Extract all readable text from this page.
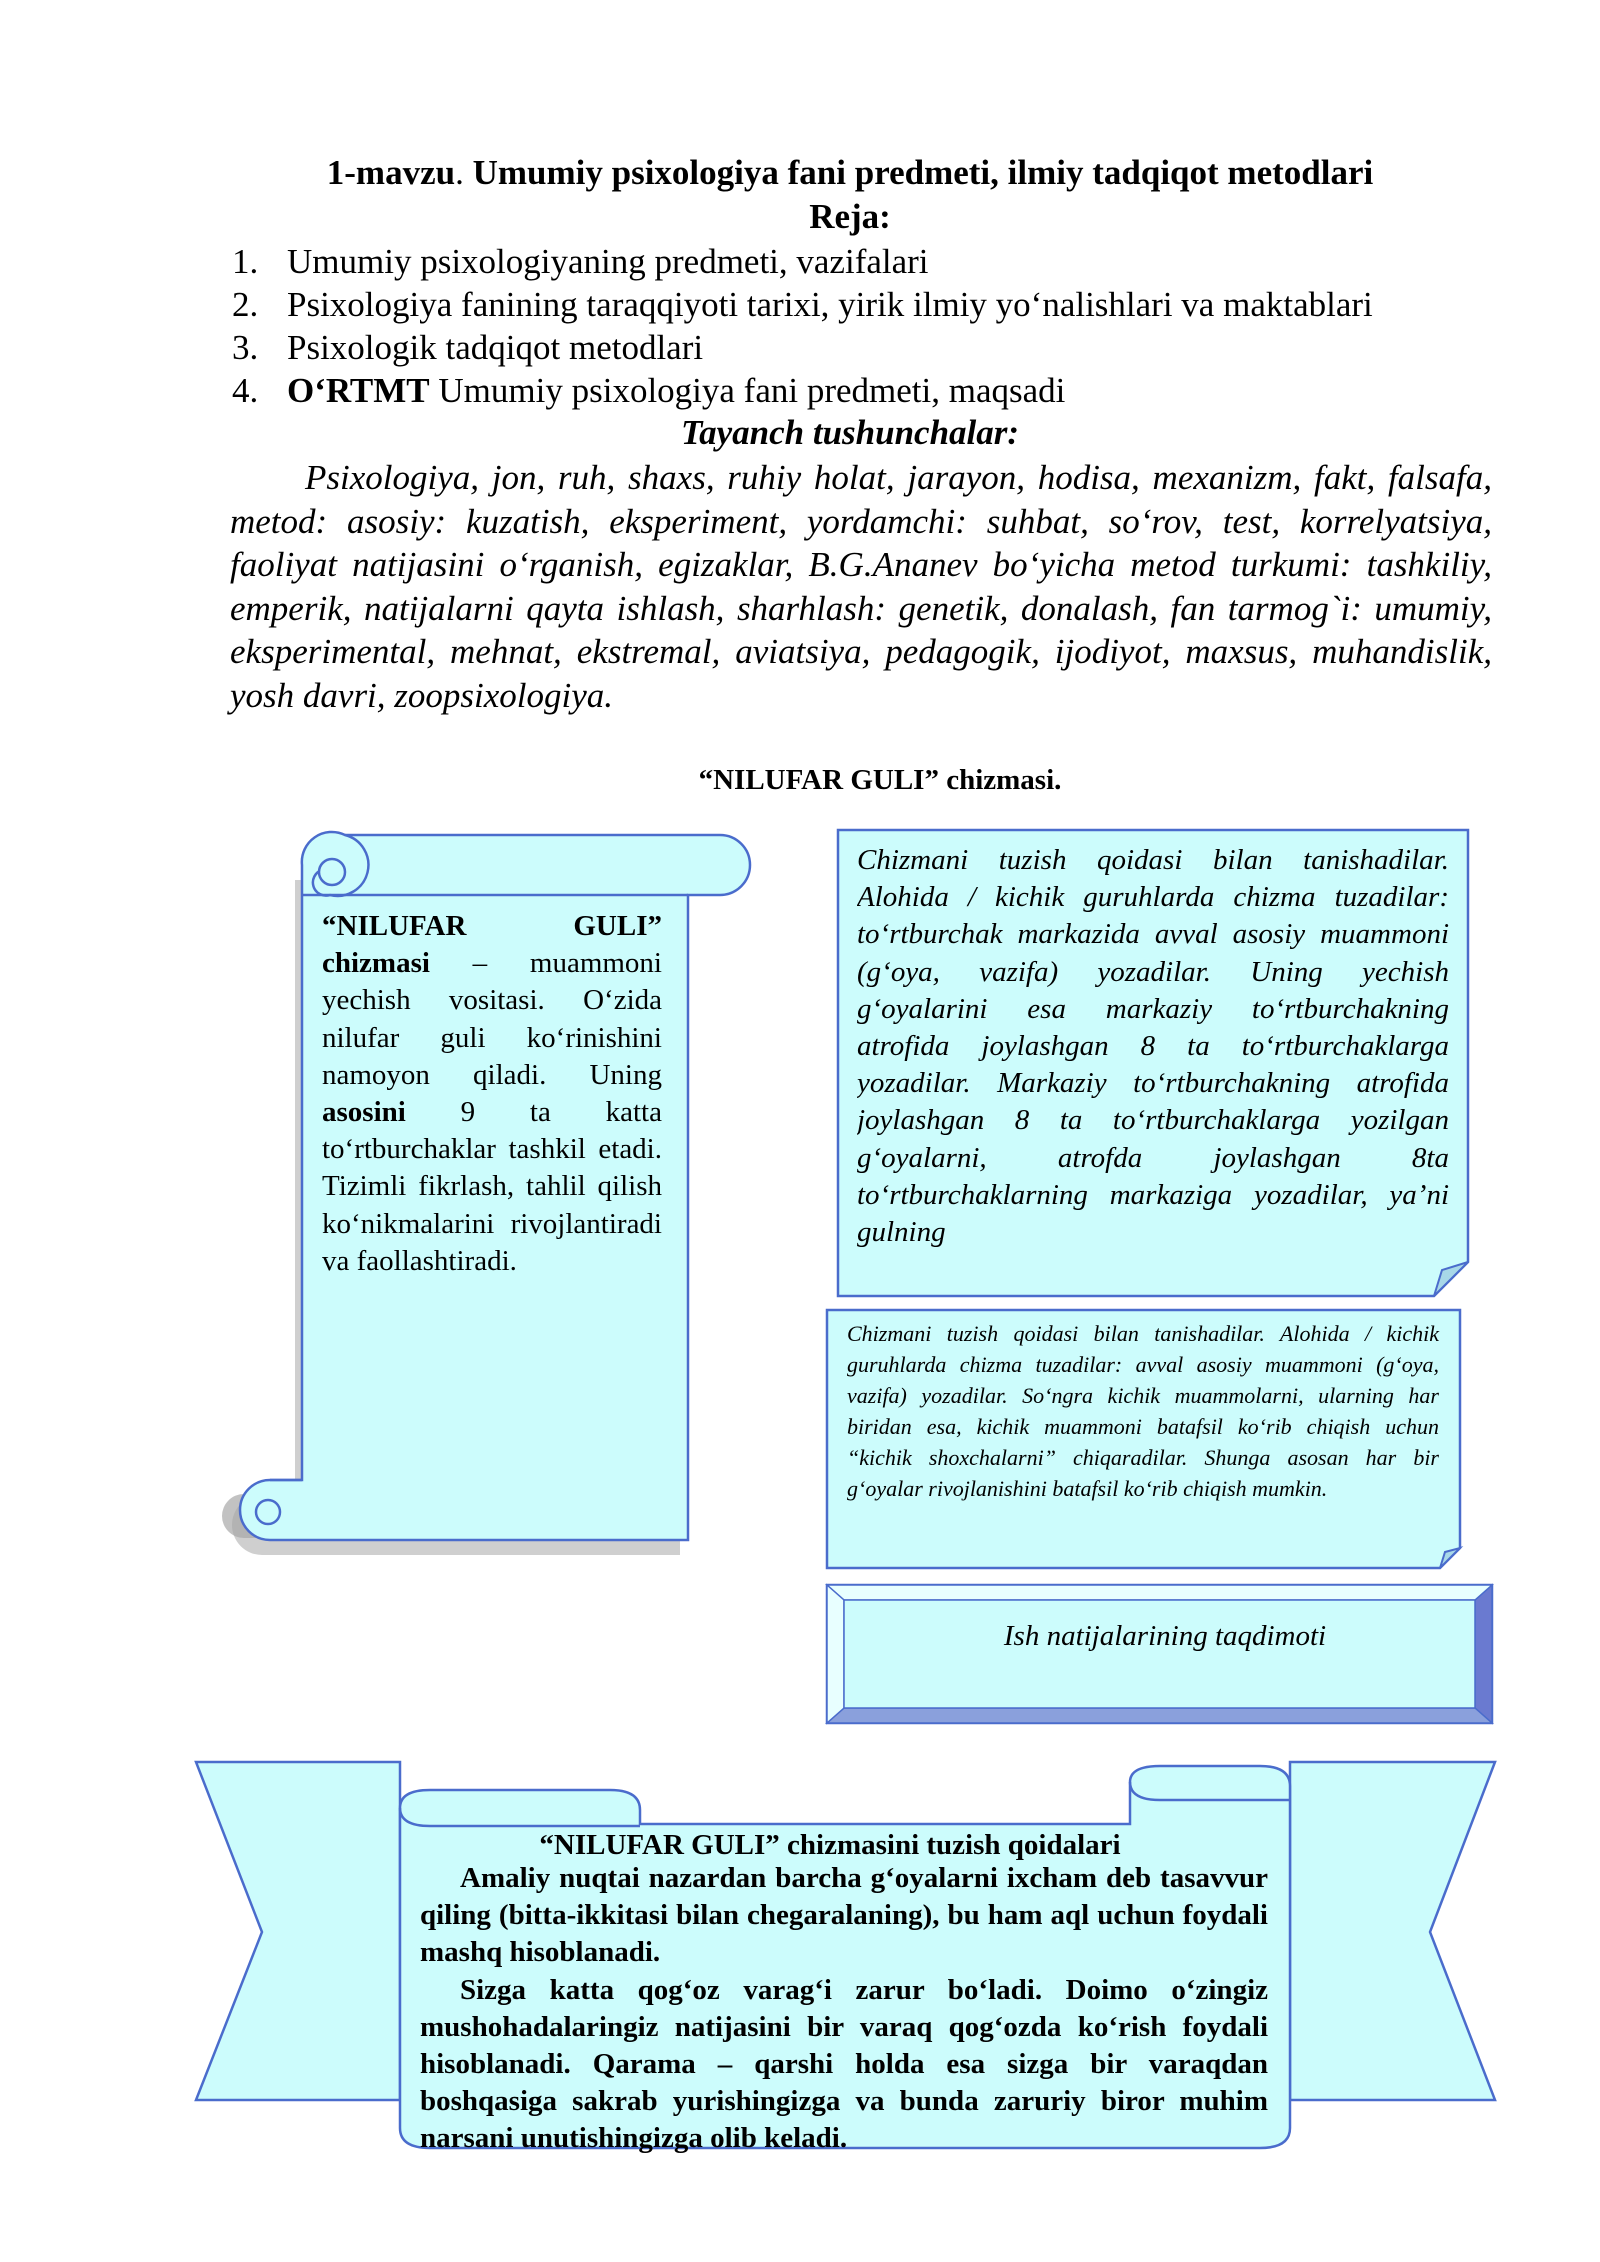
1-mavzu. Umumiy psixologiya fani predmeti, ilmiy tadqiqot metodlari
Reja:
1. Umumiy psixologiyaning predmeti, vazifalari
2. Psixologiya fanining taraqqiyoti tarixi, yirik ilmiy yo‘nalishlari va maktablari
3. Psixologik tadqiqot metodlari
4. O‘RTMT Umumiy psixologiya fani predmeti, maqsadi
Tayanch tushunchalar:

Psixologiya, jon, ruh, shaxs, ruhiy holat, jarayon, hodisa, mexanizm, fakt, falsafa, metod: asosiy: kuzatish, eksperiment, yordamchi: suhbat, so‘rov, test, korrelyatsiya, faoliyat natijasini o‘rganish, egizaklar, B.G.Ananev bo‘yicha metod turkumi: tashkiliy, emperik, natijalarni qayta ishlash, sharhlash: genetik, donalash, fan tarmog`i: umumiy, eksperimental, mehnat, ekstremal, aviatsiya, pedagogik, ijodiyot, maxsus, muhandislik, yosh davri, zoopsixologiya.

“NILUFAR GULI” chizmasi.
“NILUFAR GULI” chizmasi – muammoni yechish vositasi. O‘zida nilufar guli ko‘rinishini namoyon qiladi. Uning asosini 9 ta katta to‘rtburchaklar tashkil etadi. Tizimli fikrlash, tahlil qilish ko‘nikmalarini rivojlantiradi va faollashtiradi.

Chizmani tuzish qoidasi bilan tanishadilar. Alohida / kichik guruhlarda chizma tuzadilar: to‘rtburchak markazida avval asosiy muammoni (g‘oya, vazifa) yozadilar. Uning yechish g‘oyalarini esa markaziy to‘rtburchakning atrofida joylashgan 8 ta to‘rtburchaklarga yozadilar. Markaziy to‘rtburchakning atrofida joylashgan 8 ta to‘rtburchaklarga yozilgan g‘oyalarni, atrofda joylashgan 8ta to‘rtburchaklarning markaziga yozadilar, ya’ni gulning

Chizmani tuzish qoidasi bilan tanishadilar. Alohida / kichik guruhlarda chizma tuzadilar: avval asosiy muammoni (g‘oya, vazifa) yozadilar. So‘ngra kichik muammolarni, ularning har biridan esa, kichik muammoni batafsil ko‘rib chiqish uchun “kichik shoxchalarni” chiqaradilar. Shunga asosan har bir g‘oyalar rivojlanishini batafsil ko‘rib chiqish mumkin.

Ish natijalarining taqdimoti
“NILUFAR GULI” chizmasini tuzish qoidalari

Amaliy nuqtai nazardan barcha g‘oyalarni ixcham deb tasavvur qiling (bitta-ikkitasi bilan chegaralaning), bu ham aql uchun foydali mashq hisoblanadi.

Sizga katta qog‘oz varag‘i zarur bo‘ladi. Doimo o‘zingiz mushohadalaringiz natijasini bir varaq qog‘ozda ko‘rish foydali hisoblanadi. Qarama – qarshi holda esa sizga bir varaqdan boshqasiga sakrab yurishingizga va bunda zaruriy biror muhim narsani unutishingizga olib keladi.
